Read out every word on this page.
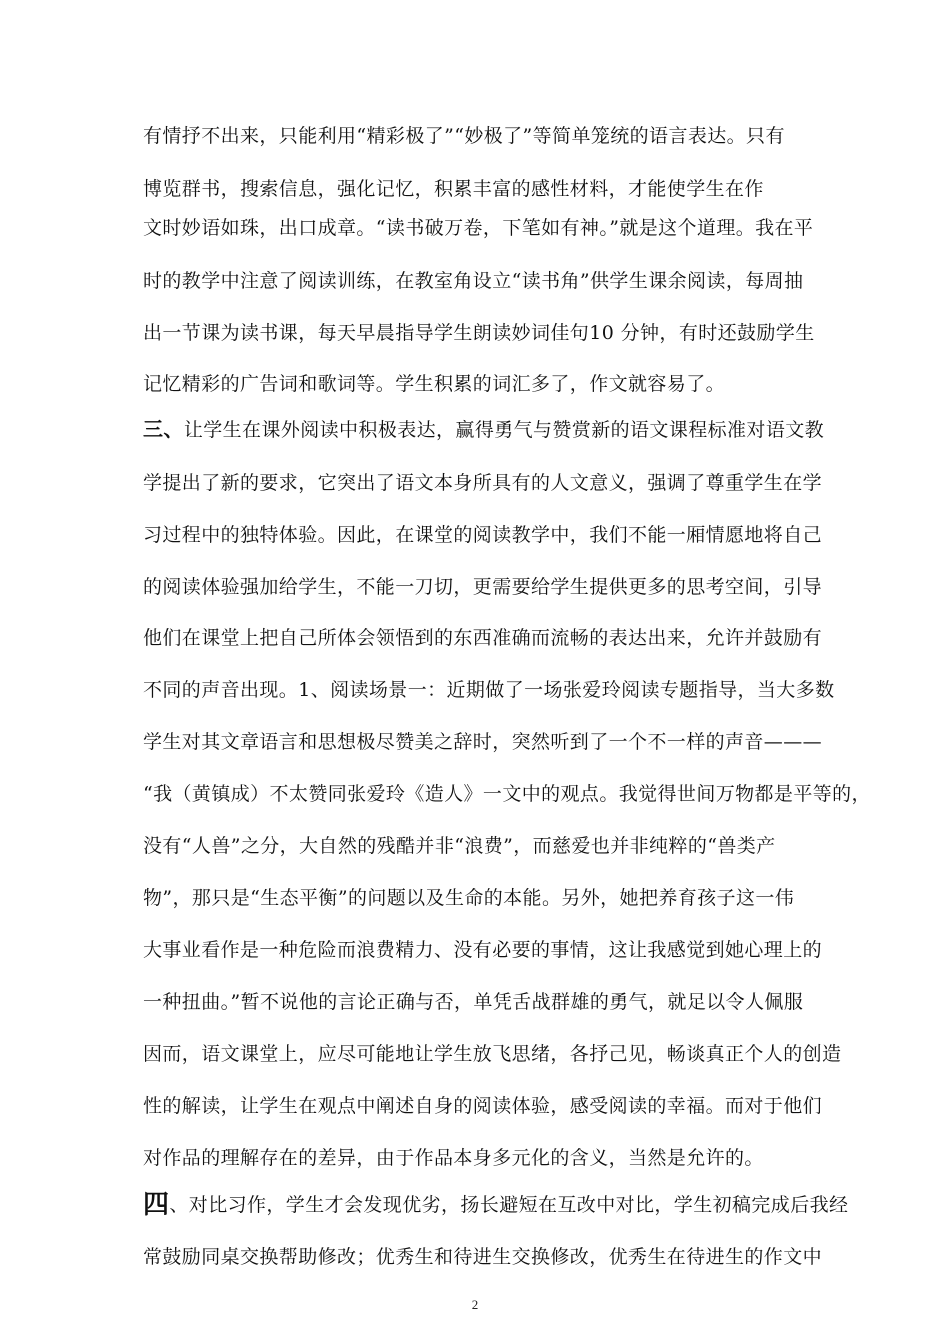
有情抒不出来，只能利用“精彩极了”“妙极了”等简单笼统的语言表达。只有
博览群书，搜索信息，强化记忆，积累丰富的感性材料，才能使学生在作
文时妙语如珠，出口成章。“读书破万卷，下笔如有神。”就是这个道理。我在平
时的教学中注意了阅读训练，在教室角设立“读书角”供学生课余阅读，每周抽
出一节课为读书课，每天早晨指导学生朗读妙词佳句10 分钟，有时还鼓励学生
记忆精彩的广告词和歌词等。学生积累的词汇多了，作文就容易了。
三、让学生在课外阅读中积极表达，赢得勇气与赞赏新的语文课程标准对语文教
学提出了新的要求，它突出了语文本身所具有的人文意义，强调了尊重学生在学
习过程中的独特体验。因此，在课堂的阅读教学中，我们不能一厢情愿地将自己
的阅读体验强加给学生，不能一刀切，更需要给学生提供更多的思考空间，引导
他们在课堂上把自己所体会领悟到的东西准确而流畅的表达出来，允许并鼓励有
不同的声音出现。1、阅读场景一：近期做了一场张爱玲阅读专题指导，当大多数
学生对其文章语言和思想极尽赞美之辞时，突然听到了一个不一样的声音———
“我（黄镇成）不太赞同张爱玲《造人》一文中的观点。我觉得世间万物都是平等的，
没有“人兽”之分，大自然的残酷并非“浪费”，而慈爱也并非纯粹的“兽类产
物”，那只是“生态平衡”的问题以及生命的本能。另外，她把养育孩子这一伟
大事业看作是一种危险而浪费精力、没有必要的事情，这让我感觉到她心理上的
一种扭曲。”暂不说他的言论正确与否，单凭舌战群雄的勇气，就足以令人佩服
因而，语文课堂上，应尽可能地让学生放飞思绪，各抒己见，畅谈真正个人的创造
性的解读，让学生在观点中阐述自身的阅读体验，感受阅读的幸福。而对于他们
对作品的理解存在的差异，由于作品本身多元化的含义，当然是允许的。
四、对比习作，学生才会发现优劣，扬长避短在互改中对比，学生初稿完成后我经
常鼓励同桌交换帮助修改；优秀生和待进生交换修改，优秀生在待进生的作文中
2
